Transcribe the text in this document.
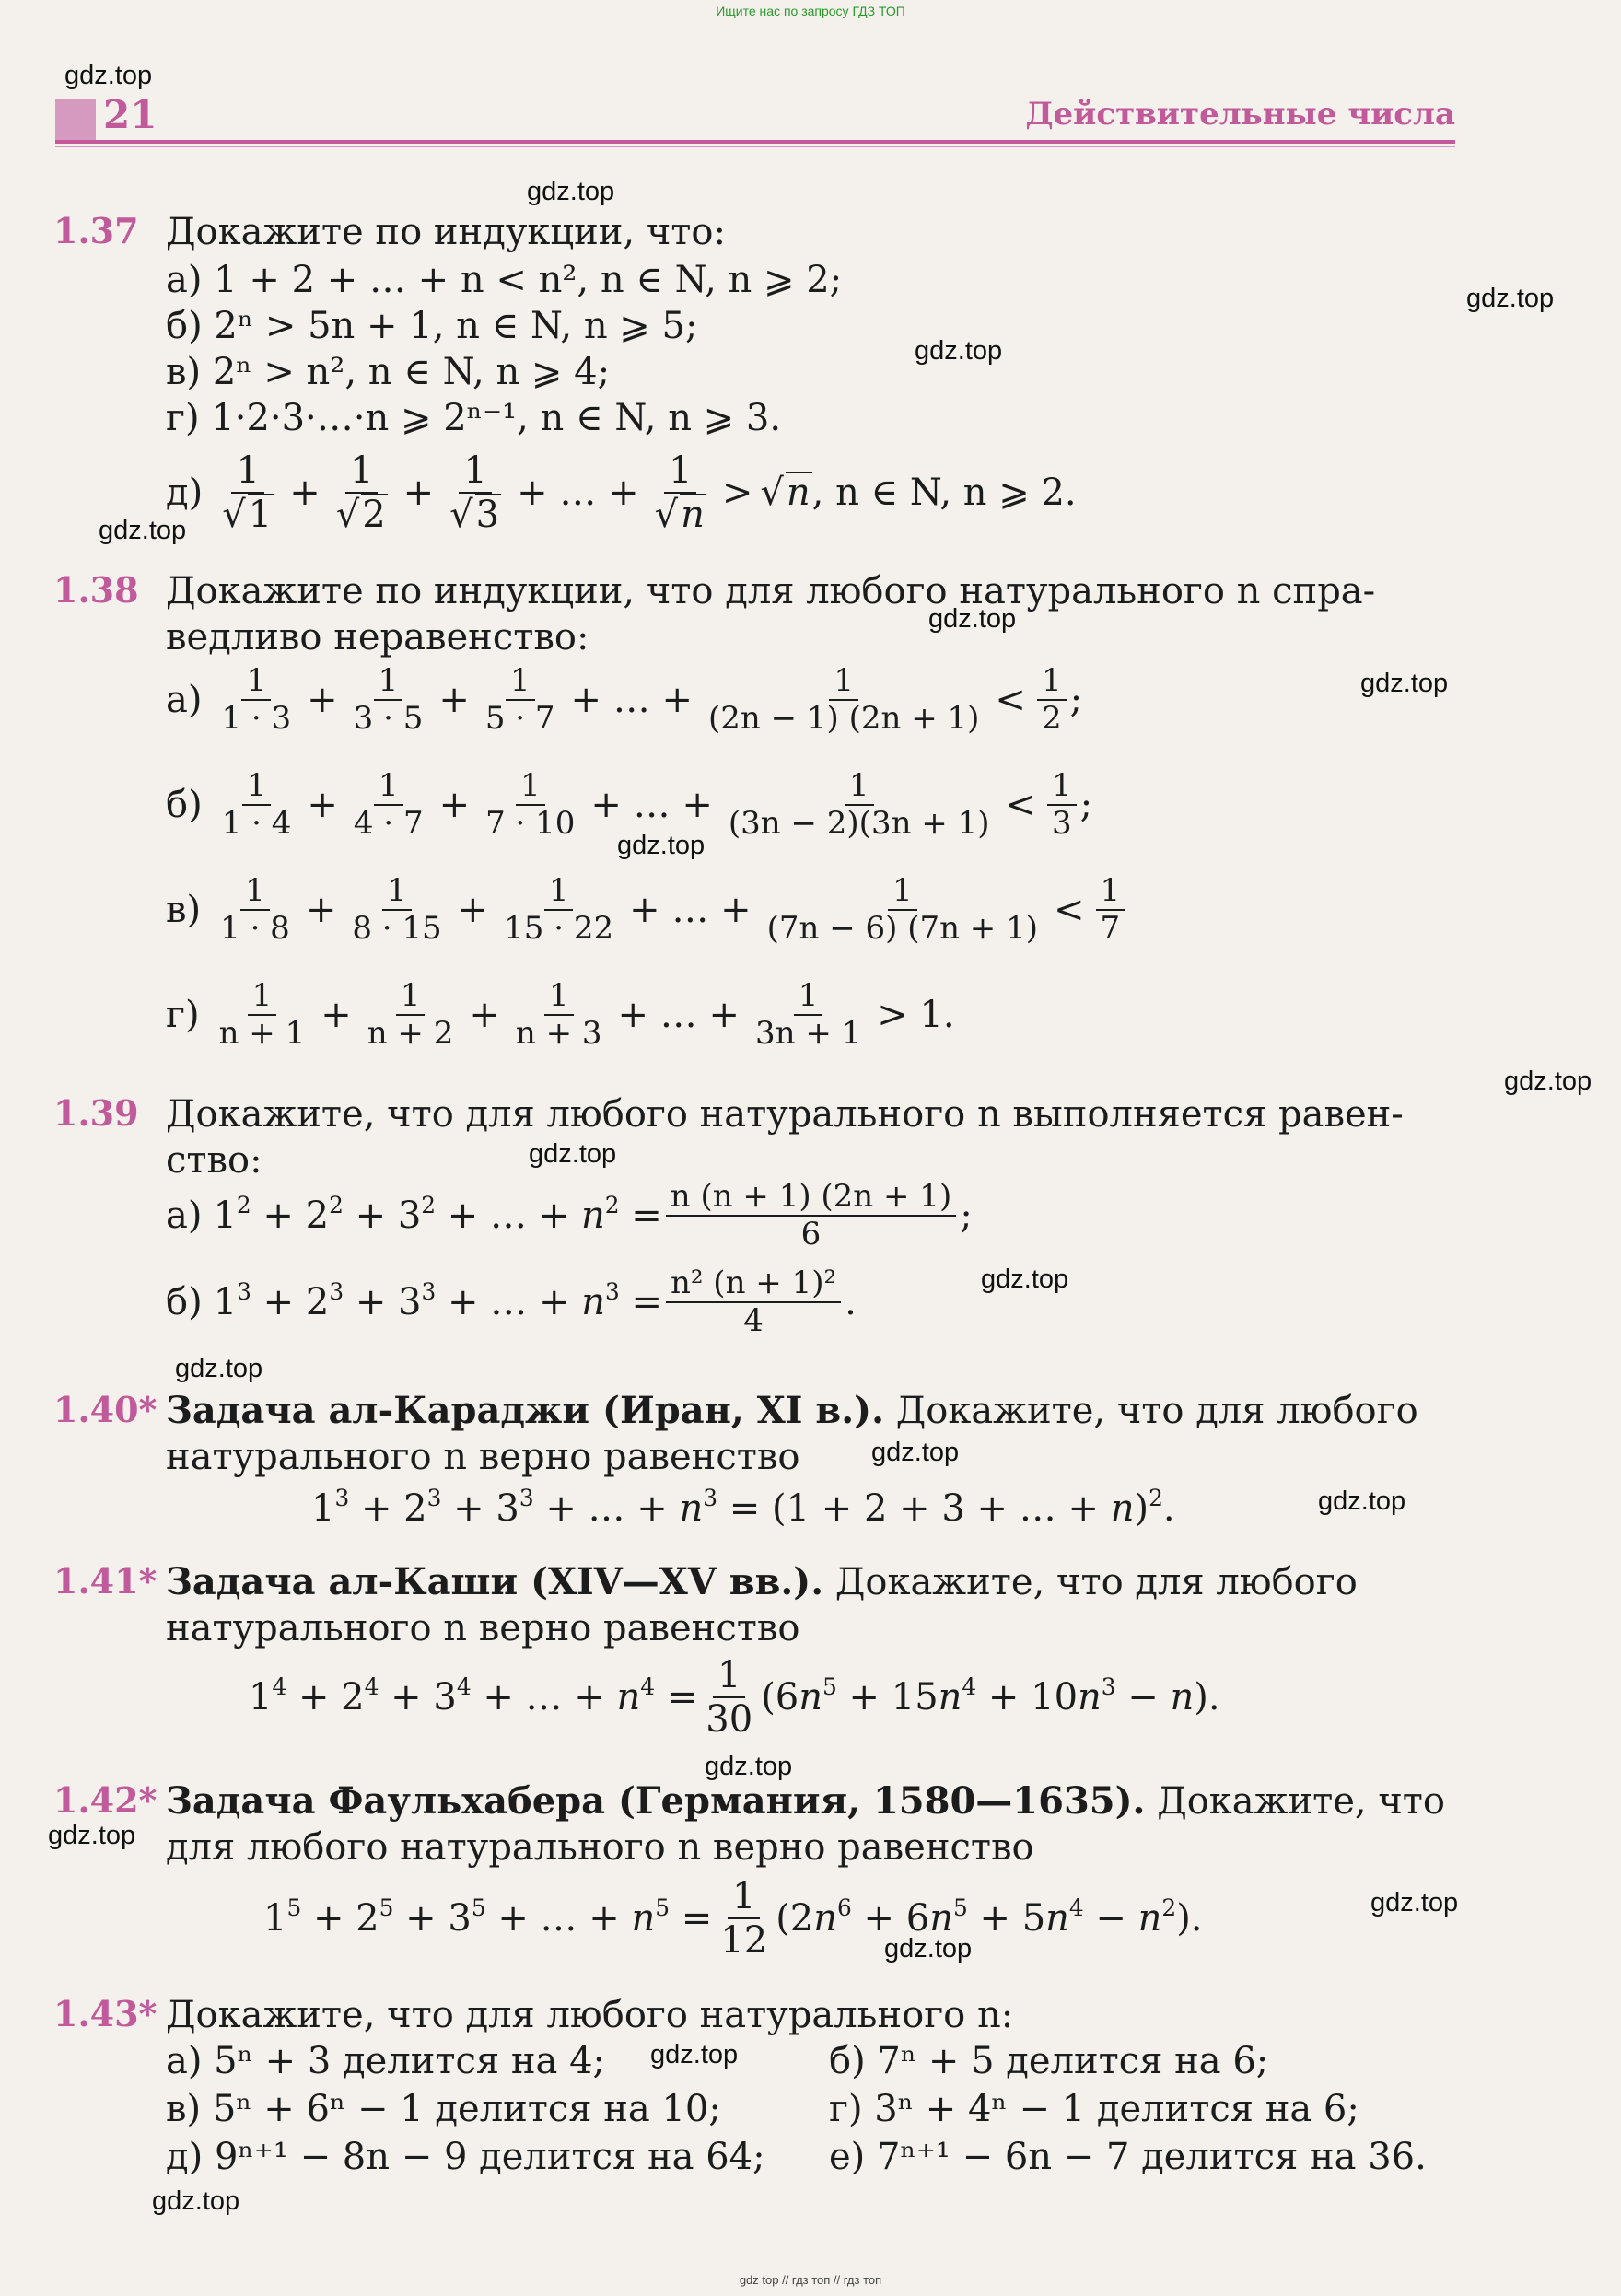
Ищите нас по запросу ГДЗ ТОП
gdz.top
gdz.top
gdz.top
gdz.top
gdz.top
gdz.top
gdz.top
gdz.top
gdz.top
gdz.top
gdz.top
gdz.top
gdz.top
gdz.top
gdz.top
gdz.top
gdz.top
gdz.top
gdz.top
gdz.top
21	Действительные числа
1.37 Докажите по индукции, что:
а) 1 + 2 + … + n < n², n ∈ N, n ⩾ 2;
б) 2ⁿ > 5n + 1, n ∈ N, n ⩾ 5;
в) 2ⁿ > n², n ∈ N, n ⩾ 4;
г) 1·2·3·…·n ⩾ 2ⁿ⁻¹, n ∈ N, n ⩾ 3.
$д) \frac{1}{√1} + \frac{1}{√2} + \frac{1}{√3}$ + … + $\frac{1}{√n} > √n$, n ∈ N, n ⩾ 2.
1.38 Докажите по индукции, что для любого натурального n спра-
ведливо неравенство:
$а) \frac{1}{1 \cdot 3} + \frac{1}{3 \cdot 5} + \frac{1}{5 \cdot 7}$ + … + $\frac{1}{(2n - 1) (2n + 1)} < \frac{1}{2}$ ;
$б) \frac{1}{1 \cdot 4} + \frac{1}{4 \cdot 7} + \frac{1}{7 \cdot 10}$ + … + $\frac{1}{(3n - 2)(3n + 1)} < \frac{1}{3}$ ;
$в) \frac{1}{1 \cdot 8} + \frac{1}{8 \cdot 15} + \frac{1}{15 \cdot 22}$ + … + $\frac{1}{(7n - 6) (7n + 1)} < \frac{1}{7}$
$г) \frac{1}{n + 1} + \frac{1}{n + 2} + \frac{1}{n + 3}$ + … + $\frac{1}{3n + 1} > 1$.
1.39 Докажите, что для любого натурального n выполняется равен-
ство:
а) $1^2 + 2^2 + 3^2$ + … + $n^2 = \frac{n (n + 1) (2n + 1)}{6}$ ;
б) $1^3 + 2^3 + 3^3$ + … + $n^3 = \frac{\text{n² (n + 1)²}}{4}$ .
1.40* Задача ал-Караджи (Иран, XI в.). Докажите, что для любого
натурального n верно равенство
$1^3 + 2^3 + 3^3$ + … + $n^3 = (1 + 2 + 3$ + … + n)$^2$.
1.41* Задача ал-Каши (XIV—XV вв.). Докажите, что для любого
натурального n верно равенство
$1^4 + 2^4 + 3^4$ + … + $n^4 = \frac{1}{30} (6n^5 + 15n^4 + 10n^3 - n)$.
1.42* Задача Фаульхабера (Германия, 1580—1635). Докажите, что
для любого натурального n верно равенство
$1^5 + 2^5 + 3^5$ + … + $n^5 = \frac{1}{12} (2n^6 + 6n^5 + 5n^4 - n^2)$.
1.43* Докажите, что для любого натурального n:
а) 5ⁿ + 3 делится на 4;	б) 7ⁿ + 5 делится на 6;
в) 5ⁿ + 6ⁿ − 1 делится на 10;	г) 3ⁿ + 4ⁿ − 1 делится на 6;
д) 9ⁿ⁺¹ − 8n − 9 делится на 64; е) 7ⁿ⁺¹ − 6n − 7 делится на 36.
gdz top // гдз топ // гдз топ
